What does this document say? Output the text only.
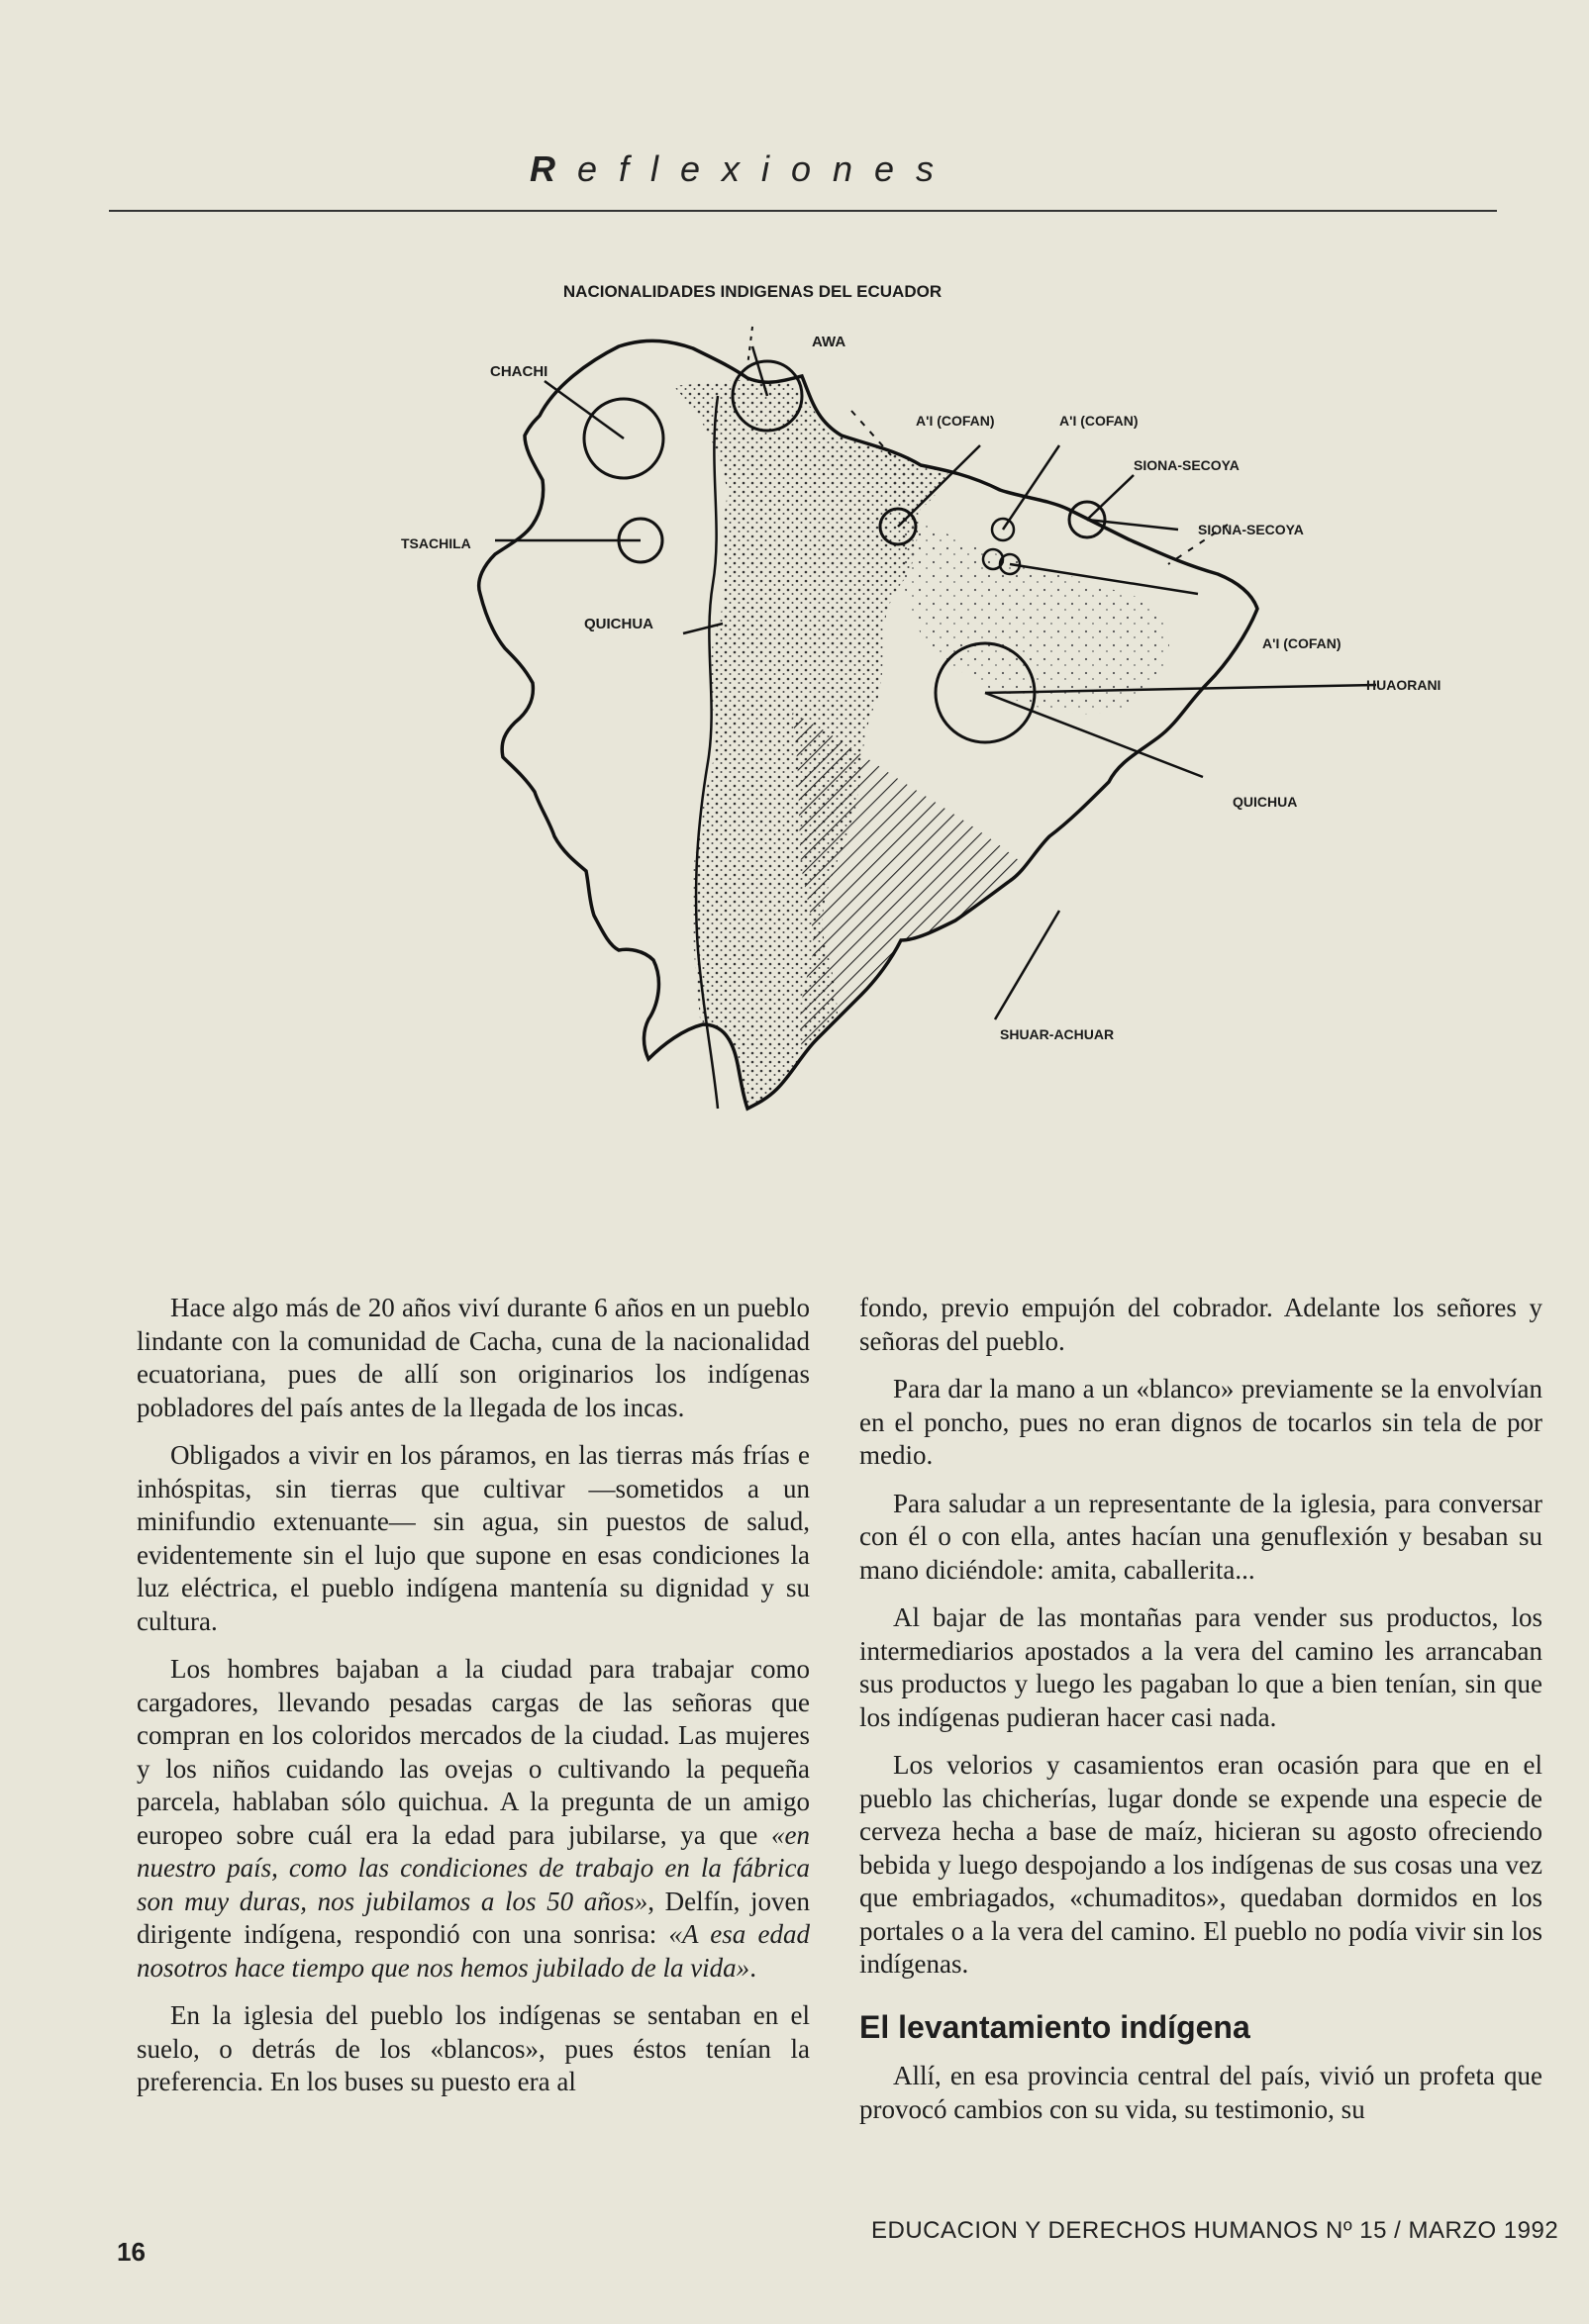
Reflexiones
NACIONALIDADES INDIGENAS DEL ECUADOR
CHACHI
AWA
TSACHILA
QUICHUA
A'I (COFAN)	A'I (COFAN)
SIONA-SECOYA
SIONA-SECOYA
A'I (COFAN)
HUAORANI
QUICHUA
SHUAR-ACHUAR

Hace algo más de 20 años viví durante 6 años en un pueblo lindante con la comunidad de Cacha, cuna de la nacionalidad ecuatoriana, pues de allí son originarios los indígenas pobladores del país antes de la llegada de los incas.

Obligados a vivir en los páramos, en las tierras más frías e inhóspitas, sin tierras que cultivar —sometidos a un minifundio extenuante— sin agua, sin puestos de salud, evidentemente sin el lujo que supone en esas condiciones la luz eléctrica, el pueblo indígena mantenía su dignidad y su cultura.

Los hombres bajaban a la ciudad para trabajar como cargadores, llevando pesadas cargas de las señoras que compran en los coloridos mercados de la ciudad. Las mujeres y los niños cuidando las ovejas o cultivando la pequeña parcela, hablaban sólo quichua. A la pregunta de un amigo europeo sobre cuál era la edad para jubilarse, ya que «en nuestro país, como las condiciones de trabajo en la fábrica son muy duras, nos jubilamos a los 50 años», Delfín, joven dirigente indígena, respondió con una sonrisa: «A esa edad nosotros hace tiempo que nos hemos jubilado de la vida».

En la iglesia del pueblo los indígenas se sentaban en el suelo, o detrás de los «blancos», pues éstos tenían la preferencia. En los buses su puesto era al

fondo, previo empujón del cobrador. Adelante los señores y señoras del pueblo.

Para dar la mano a un «blanco» previamente se la envolvían en el poncho, pues no eran dignos de tocarlos sin tela de por medio.

Para saludar a un representante de la iglesia, para conversar con él o con ella, antes hacían una genuflexión y besaban su mano diciéndole: amita, caballerita...

Al bajar de las montañas para vender sus productos, los intermediarios apostados a la vera del camino les arrancaban sus productos y luego les pagaban lo que a bien tenían, sin que los indígenas pudieran hacer casi nada.

Los velorios y casamientos eran ocasión para que en el pueblo las chicherías, lugar donde se expende una especie de cerveza hecha a base de maíz, hicieran su agosto ofreciendo bebida y luego despojando a los indígenas de sus cosas una vez que embriagados, «chumaditos», quedaban dormidos en los portales o a la vera del camino. El pueblo no podía vivir sin los indígenas.

El levantamiento indígena

Allí, en esa provincia central del país, vivió un profeta que provocó cambios con su vida, su testimonio, su

EDUCACION Y DERECHOS HUMANOS Nº 15 / MARZO 1992
16
